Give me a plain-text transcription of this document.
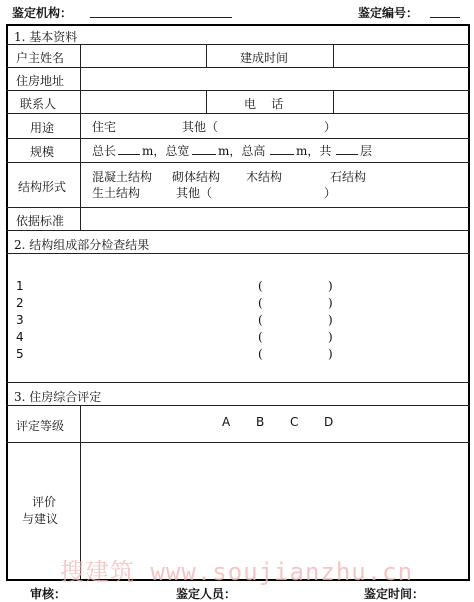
鉴定机构：	鉴定编号：
1. 基本资料
户主姓名	建成时间
住房地址
联系人	电    话
用途	住宅	其他（	）
规模	总长 m，总宽 m，总高	m，共 层
结构形式
混凝土结构 砌体结构 木结构	石结构
生土结构	其他（	）
依据标准
2. 结构组成部分检查结果
1	(	)
2	(	)
3	(	)
4	(	)
5	(	)
3. 住房综合评定
评定等级	A B C D
评价
与建议
搜建筑 www.soujianzhu.cn
审核：	鉴定人员：	鉴定时间：
